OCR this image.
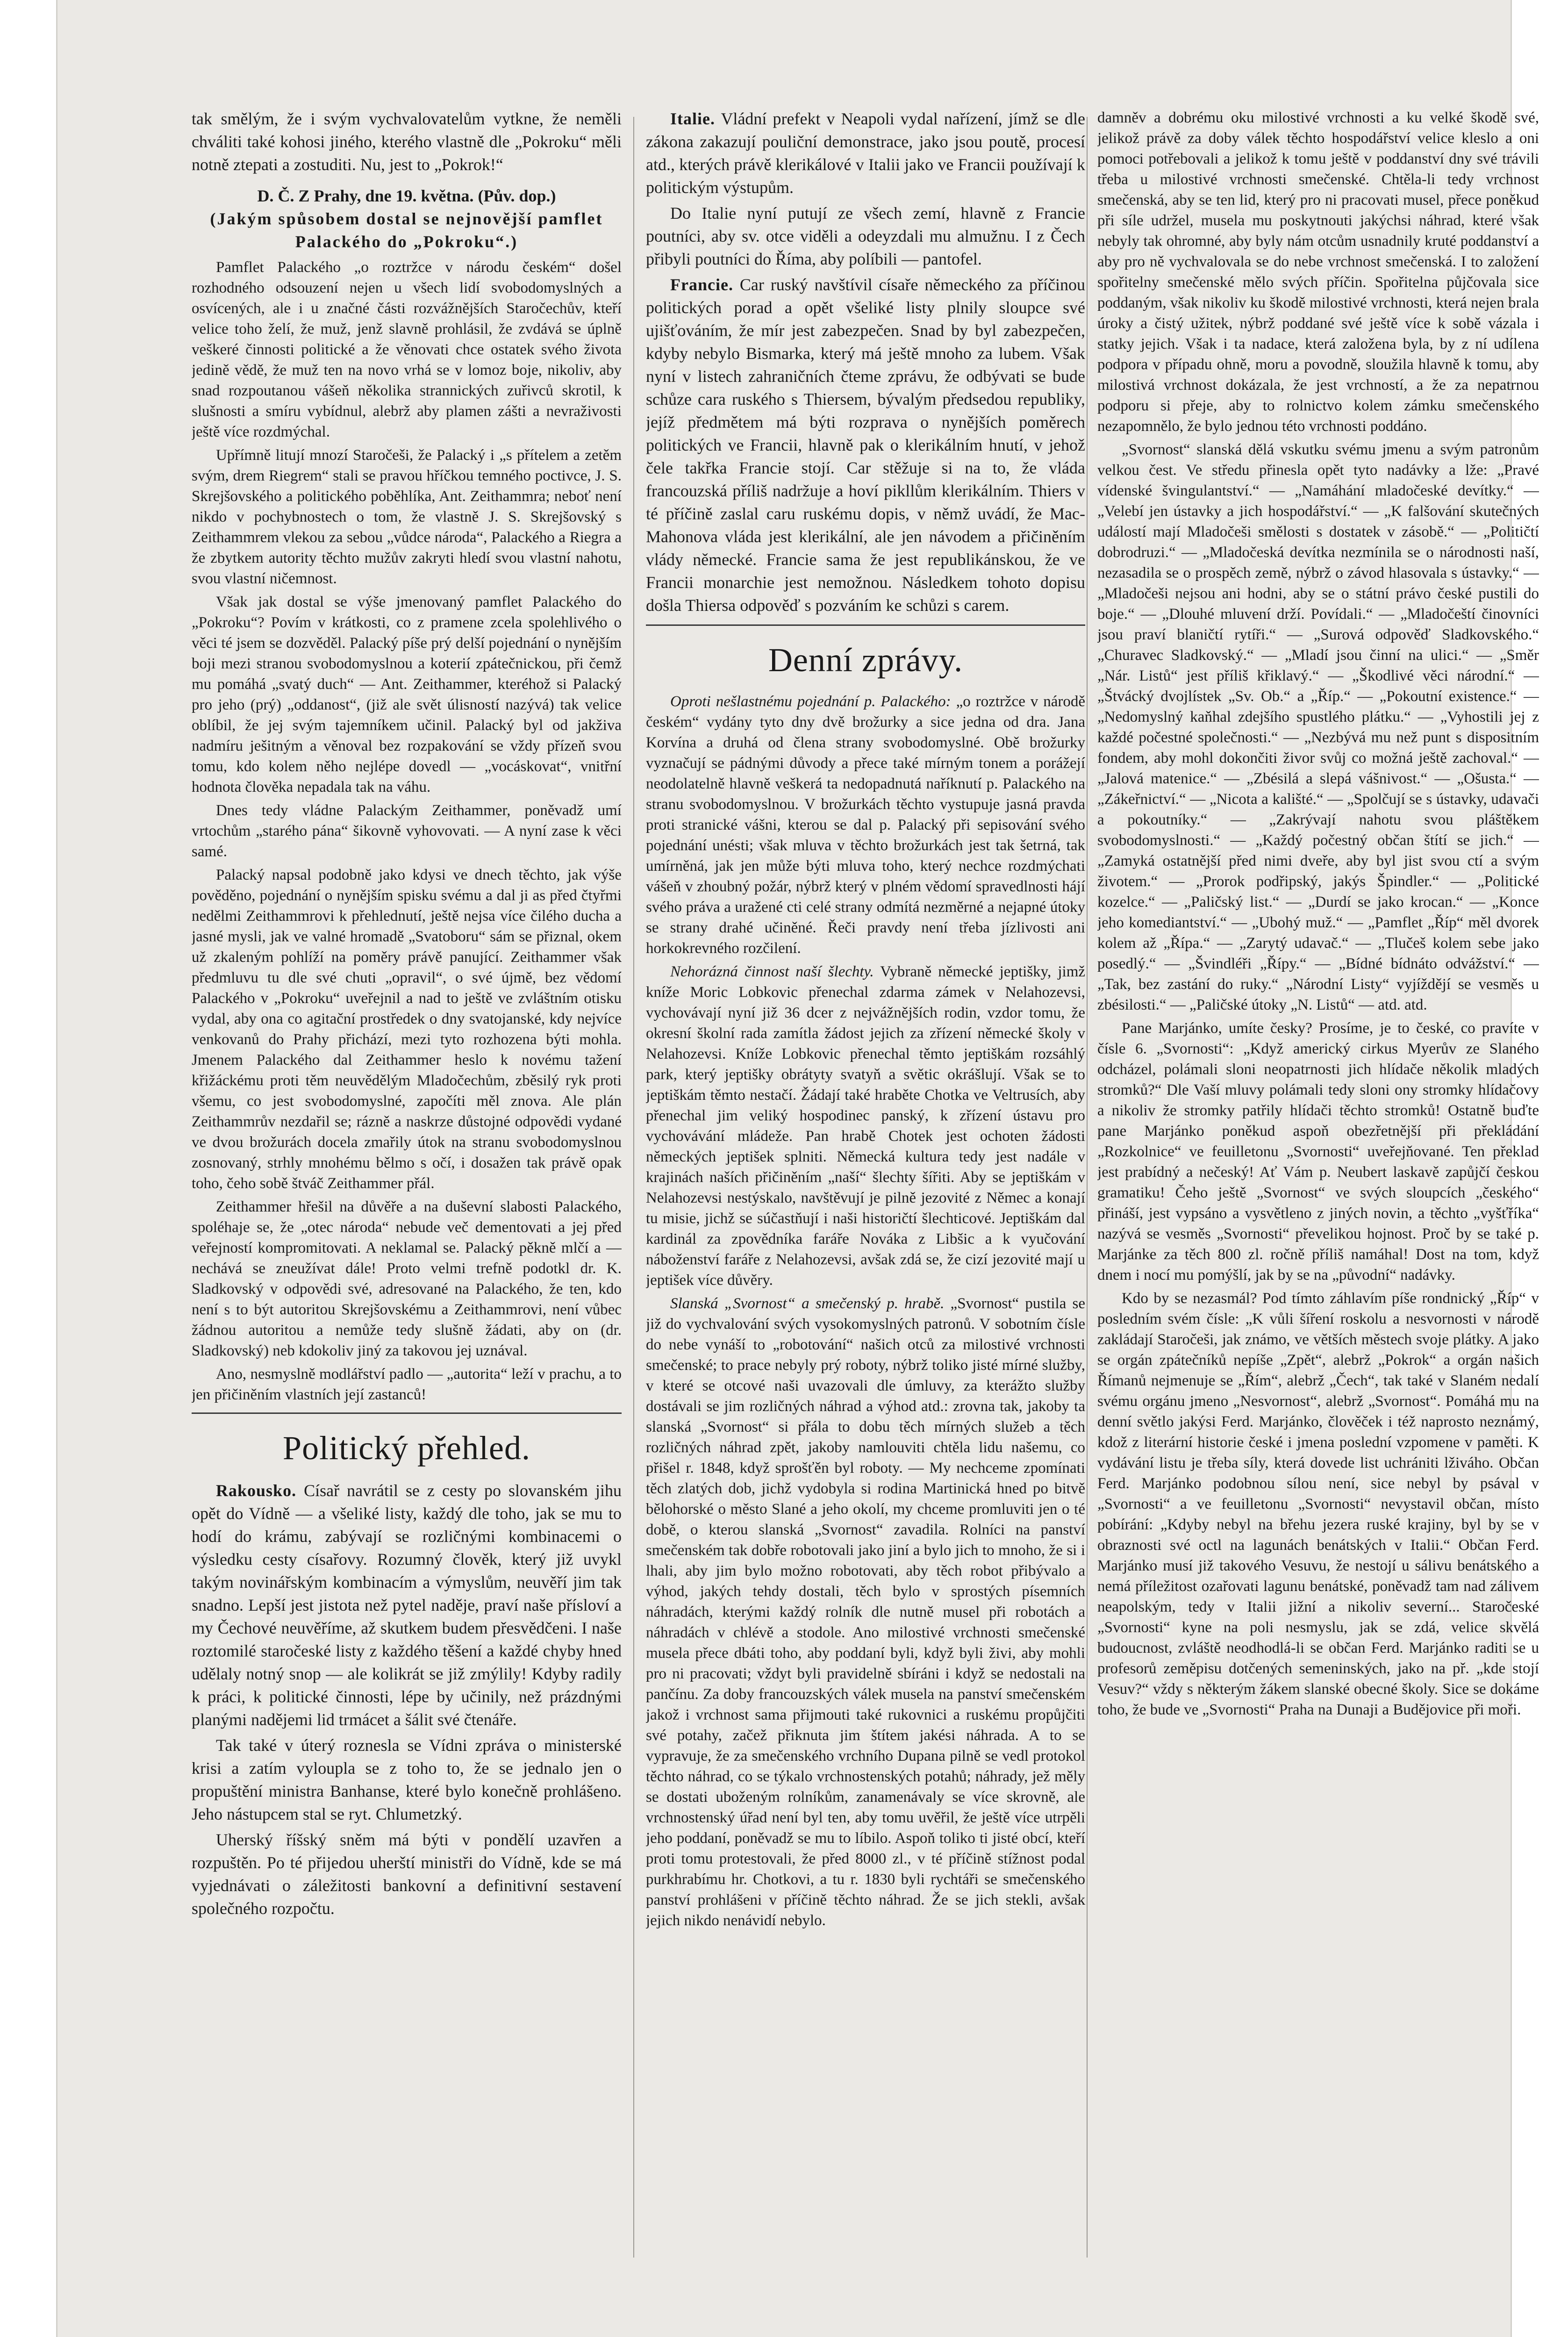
tak smělým, že i svým vychvalovatelům vytkne, že neměli chváliti také kohosi jiného, kterého vlastně dle „Pokroku“ měli notně ztepati a zostuditi. Nu, jest to „Pokrok!“

D. Č. Z Prahy, dne 19. května. (Pův. dop.)

(Jakým spůsobem dostal se nejnovější pamflet Palackého do „Pokroku“.)

Pamflet Palackého „o roztržce v národu českém“ došel rozhodného odsouzení nejen u všech lidí svobodomyslných a osvícených, ale i u značné části rozvážnějších Staročechův, kteří velice toho želí, že muž, jenž slavně prohlásil, že zvdává se úplně veškeré činnosti politické a že věnovati chce ostatek svého života jedině vědě, že muž ten na novo vrhá se v lomoz boje, nikoliv, aby snad rozpoutanou vášeň několika strannických zuřivců skrotil, k slušnosti a smíru vybídnul, alebrž aby plamen zášti a nevraživosti ještě více rozdmýchal.

Upřímně litují mnozí Staročeši, že Palacký i „s přítelem a zetěm svým, drem Riegrem“ stali se pravou hříčkou temného poctivce, J. S. Skrejšovského a politického poběhlíka, Ant. Zeithammra; neboť není nikdo v pochybnostech o tom, že vlastně J. S. Skrejšovský s Zeithammrem vlekou za sebou „vůdce národa“, Palackého a Riegra a že zbytkem autority těchto mužův zakryti hledí svou vlastní nahotu, svou vlastní ničemnost.

Však jak dostal se výše jmenovaný pamflet Palackého do „Pokroku“? Povím v krátkosti, co z pramene zcela spolehlivého o věci té jsem se dozvěděl. Palacký píše prý delší pojednání o nynějším boji mezi stranou svobodomyslnou a koterií zpátečnickou, při čemž mu pomáhá „svatý duch“ — Ant. Zeithammer, kteréhož si Palacký pro jeho (prý) „oddanost“, (již ale svět úlisností nazývá) tak velice oblíbil, že jej svým tajemníkem učinil. Palacký byl od jakživa nadmíru ješitným a věnoval bez rozpakování se vždy přízeň svou tomu, kdo kolem něho nejlépe dovedl — „vocáskovat“, vnitřní hodnota člověka nepadala tak na váhu.

Dnes tedy vládne Palackým Zeithammer, poněvadž umí vrtochům „starého pána“ šikovně vyhovovati. — A nyní zase k věci samé.

Palacký napsal podobně jako kdysi ve dnech těchto, jak výše pověděno, pojednání o nynějším spisku svému a dal ji as před čtyřmi nedělmi Zeithammrovi k přehlednutí, ještě nejsa více čilého ducha a jasné mysli, jak ve valné hromadě „Svatoboru“ sám se přiznal, okem už zkaleným pohlíží na poměry právě panující. Zeithammer však předmluvu tu dle své chuti „opravil“, o své újmě, bez vědomí Palackého v „Pokroku“ uveřejnil a nad to ještě ve zvláštním otisku vydal, aby ona co agitační prostředek o dny svatojanské, kdy nejvíce venkovanů do Prahy přichází, mezi tyto rozhozena býti mohla. Jmenem Palackého dal Zeithammer heslo k novému tažení křižáckému proti těm neuvědělým Mladočechům, zběsilý ryk proti všemu, co jest svobodomyslné, započíti měl znova. Ale plán Zeithammrův nezdařil se; rázně a naskrze důstojné odpovědi vydané ve dvou brožurách docela zmařily útok na stranu svobodomyslnou zosnovaný, strhly mnohému bělmo s očí, i dosažen tak právě opak toho, čeho sobě štváč Zeithammer přál.

Zeithammer hřešil na důvěře a na duševní slabosti Palackého, spoléhaje se, že „otec národa“ nebude več dementovati a jej před veřejností kompromitovati. A neklamal se. Palacký pěkně mlčí a — nechává se zneužívat dále! Proto velmi trefně podotkl dr. K. Sladkovský v odpovědi své, adresované na Palackého, že ten, kdo není s to být autoritou Skrejšovskému a Zeithammrovi, není vůbec žádnou autoritou a nemůže tedy slušně žádati, aby on (dr. Sladkovský) neb kdokoliv jiný za takovou jej uznával.

Ano, nesmyslně modlářství padlo — „autorita“ leží v prachu, a to jen přičiněním vlastních její zastanců!

Politický přehled.

Rakousko. Císař navrátil se z cesty po slovanském jihu opět do Vídně — a všeliké listy, každý dle toho, jak se mu to hodí do krámu, zabývají se rozličnými kombinacemi o výsledku cesty císařovy. Rozumný člověk, který již uvykl takým novinářským kombinacím a výmyslům, neuvěří jim tak snadno. Lepší jest jistota než pytel naděje, praví naše přísloví a my Čechové neuvěříme, až skutkem budem přesvědčeni. I naše roztomilé staročeské listy z každého těšení a každé chyby hned udělaly notný snop — ale kolikrát se již zmýlily! Kdyby radily k práci, k politické činnosti, lépe by učinily, než prázdnými planými nadějemi lid trmácet a šálit své čtenáře.

Tak také v úterý roznesla se Vídni zpráva o ministerské krisi a zatím vyloupla se z toho to, že se jednalo jen o propuštění ministra Banhanse, které bylo konečně prohlášeno. Jeho nástupcem stal se ryt. Chlumetzký.

Uherský říšský sněm má býti v pondělí uzavřen a rozpuštěn. Po té přijedou uherští ministři do Vídně, kde se má vyjednávati o záležitosti bankovní a definitivní sestavení společného rozpočtu.

Italie. Vládní prefekt v Neapoli vydal nařízení, jímž se dle zákona zakazují pouliční demonstrace, jako jsou poutě, procesí atd., kterých právě klerikálové v Italii jako ve Francii používají k politickým výstupům.

Do Italie nyní putují ze všech zemí, hlavně z Francie poutníci, aby sv. otce viděli a odeyzdali mu almužnu. I z Čech přibyli poutníci do Říma, aby políbili — pantofel.

Francie. Car ruský navštívil císaře německého za příčinou politických porad a opět všeliké listy plnily sloupce své ujišťováním, že mír jest zabezpečen. Snad by byl zabezpečen, kdyby nebylo Bismarka, který má ještě mnoho za lubem. Však nyní v listech zahraničních čteme zprávu, že odbývati se bude schůze cara ruského s Thiersem, bývalým předsedou republiky, jejíž předmětem má býti rozprava o nynějších poměrech politických ve Francii, hlavně pak o klerikálním hnutí, v jehož čele takřka Francie stojí. Car stěžuje si na to, že vláda francouzská příliš nadržuje a hoví pikllům klerikálním. Thiers v té příčině zaslal caru ruskému dopis, v němž uvádí, že Mac-Mahonova vláda jest klerikální, ale jen návodem a přičiněním vlády německé. Francie sama že jest republikánskou, že ve Francii monarchie jest nemožnou. Následkem tohoto dopisu došla Thiersa odpověď s pozváním ke schůzi s carem.

Denní zprávy.

Oproti nešlastnému pojednání p. Palackého: „o roztržce v národě českém“ vydány tyto dny dvě brožurky a sice jedna od dra. Jana Korvína a druhá od člena strany svobodomyslné. Obě brožurky vyznačují se pádnými důvody a přece také mírným tonem a porážejí neodolatelně hlavně veškerá ta nedopadnutá naříknutí p. Palackého na stranu svobodomyslnou. V brožurkách těchto vystupuje jasná pravda proti stranické vášni, kterou se dal p. Palacký při sepisování svého pojednání unésti; však mluva v těchto brožurkách jest tak šetrná, tak umírněná, jak jen může býti mluva toho, který nechce rozdmýchati vášeň v zhoubný požár, nýbrž který v plném vědomí spravedlnosti hájí svého práva a uražené cti celé strany odmítá nezměrné a nejapné útoky se strany drahé učiněné. Řeči pravdy není třeba jízlivosti ani horkokrevného rozčilení.

Nehorázná činnost naší šlechty. Vybraně německé jeptišky, jimž kníže Moric Lobkovic přenechal zdarma zámek v Nelahozevsi, vychovávají nyní již 36 dcer z nejvážnějších rodin, vzdor tomu, že okresní školní rada zamítla žádost jejich za zřízení německé školy v Nelahozevsi. Kníže Lobkovic přenechal těmto jeptiškám rozsáhlý park, který jeptišky obrátyty svatyň a světic okrášlují. Však se to jeptiškám těmto nestačí. Žádají také hraběte Chotka ve Veltrusích, aby přenechal jim veliký hospodinec panský, k zřízení ústavu pro vychovávání mládeže. Pan hrabě Chotek jest ochoten žádosti německých jeptišek splniti. Německá kultura tedy jest nadále v krajinách naších přičiněním „naší“ šlechty šířiti. Aby se jeptiškám v Nelahozevsi nestýskalo, navštěvují je pilně jezovité z Němec a konají tu misie, jichž se súčastňují i naši historičtí šlechticové. Jeptiškám dal kardinál za zpovědníka faráře Nováka z Libšic a k vyučování náboženství faráře z Nelahozevsi, avšak zdá se, že cizí jezovité mají u jeptišek více důvěry.

Slanská „Svornost“ a smečenský p. hrabě. „Svornost“ pustila se již do vychvalování svých vysokomyslných patronů. V sobotním čísle do nebe vynáší to „robotování“ našich otců za milostivé vrchnosti smečenské; to prace nebyly prý roboty, nýbrž toliko jisté mírné služby, v které se otcové naši uvazovali dle úmluvy, za kterážto služby dostávali se jim rozličných náhrad a výhod atd.: zrovna tak, jakoby ta slanská „Svornost“ si přála to dobu těch mírných služeb a těch rozličných náhrad zpět, jakoby namlouviti chtěla lidu našemu, co přišel r. 1848, když sprošťěn byl roboty. — My nechceme zpomínati těch zlatých dob, jichž vydobyla si rodina Martinická hned po bitvě bělohorské o město Slané a jeho okolí, my chceme promluviti jen o té době, o kterou slanská „Svornost“ zavadila. Rolníci na panství smečenském tak dobře robotovali jako jiní a bylo jich to mnoho, že si i lhali, aby jim bylo možno robotovati, aby těch robot přibývalo a výhod, jakých tehdy dostali, těch bylo v sprostých písemních náhradách, kterými každý rolník dle nutně musel při robotách a náhradách v chlévě a stodole. Ano milostivé vrchnosti smečenské musela přece dbáti toho, aby poddaní byli, když byli živi, aby mohli pro ni pracovati; vždyt byli pravidelně sbíráni i když se nedostali na pančínu. Za doby francouzských válek musela na panství smečenském jakož i vrchnost sama přijmouti také rukovnici a ruskému propůjčiti své potahy, začež přiknuta jim štítem jakési náhrada. A to se vypravuje, že za smečenského vrchního Dupana pilně se vedl protokol těchto náhrad, co se týkalo vrchnostenských potahů; náhrady, jež měly se dostati uboženým rolníkům, zanamenávaly se více skrovně, ale vrchnostenský úřad není byl ten, aby tomu uvěřil, že ještě více utrpěli jeho poddaní, poněvadž se mu to líbilo. Aspoň toliko ti jisté obcí, kteří proti tomu protestovali, že před 8000 zl., v té příčině stížnost podal purkhrabímu hr. Chotkovi, a tu r. 1830 byli rychtáři se smečenského panství prohlášeni v příčině těchto náhrad. Že se jich stekli, avšak jejich nikdo nenávidí nebylo.

damněv a dobrému oku milostivé vrchnosti a ku velké škodě své, jelikož právě za doby válek těchto hospodářství velice kleslo a oni pomoci potřebovali a jelikož k tomu ještě v poddanství dny své trávili třeba u milostivé vrchnosti smečenské. Chtěla-li tedy vrchnost smečenská, aby se ten lid, který pro ni pracovati musel, přece poněkud při síle udržel, musela mu poskytnouti jakýchsi náhrad, které však nebyly tak ohromné, aby byly nám otcům usnadnily kruté poddanství a aby pro ně vychvalovala se do nebe vrchnost smečenská. I to založení spořitelny smečenské mělo svých příčin. Spořitelna půjčovala sice poddaným, však nikoliv ku škodě milostivé vrchnosti, která nejen brala úroky a čistý užitek, nýbrž poddané své ještě více k sobě vázala i statky jejich. Však i ta nadace, která založena byla, by z ní udílena podpora v případu ohně, moru a povodně, sloužila hlavně k tomu, aby milostivá vrchnost dokázala, že jest vrchností, a že za nepatrnou podporu si přeje, aby to rolnictvo kolem zámku smečenského nezapomnělo, že bylo jednou této vrchnosti poddáno.

„Svornost“ slanská dělá vskutku svému jmenu a svým patronům velkou čest. Ve středu přinesla opět tyto nadávky a lže: „Pravé vídenské švingulantství.“ — „Namáhání mladočeské devítky.“ — „Velebí jen ústavky a jich hospodářství.“ — „K falšování skutečných událostí mají Mladočeši smělosti s dostatek v zásobě.“ — „Političtí dobrodruzi.“ — „Mladočeská devítka nezmínila se o národnosti naší, nezasadila se o prospěch země, nýbrž o závod hlasovala s ústavky.“ — „Mladočeši nejsou ani hodni, aby se o státní právo české pustili do boje.“ — „Dlouhé mluvení drží. Povídali.“ — „Mladočeští činovníci jsou praví blaničtí rytíři.“ — „Surová odpověď Sladkovského.“ „Churavec Sladkovský.“ — „Mladí jsou činní na ulici.“ — „Směr „Nár. Listů“ jest příliš křiklavý.“ — „Škodlivé věci národní.“ — „Štvácký dvojlístek „Sv. Ob.“ a „Říp.“ — „Pokoutní existence.“ — „Nedomyslný kaňhal zdejšího spustlého plátku.“ — „Vyhostili jej z každé počestné společnosti.“ — „Nezbývá mu než punt s dispositním fondem, aby mohl dokončiti živor svůj co možná ještě zachoval.“ — „Jalová matenice.“ — „Zbésilá a slepá vášnivost.“ — „Ošusta.“ — „Zákeřnictví.“ — „Nicota a kališté.“ — „Spolčují se s ústavky, udavači a pokoutníky.“ — „Zakrývají nahotu svou pláštěkem svobodomyslnosti.“ — „Každý počestný občan štítí se jich.“ — „Zamyká ostatnější před nimi dveře, aby byl jist svou ctí a svým životem.“ — „Prorok podřipský, jakýs Špindler.“ — „Politické kozelce.“ — „Paličský list.“ — „Durdí se jako krocan.“ — „Konce jeho komediantství.“ — „Ubohý muž.“ — „Pamflet „Říp“ měl dvorek kolem až „Řípa.“ — „Zarytý udavač.“ — „Tlučeš kolem sebe jako posedlý.“ — „Švindléři „Řípy.“ — „Bídné bídnáto odvážství.“ — „Tak, bez zastání do ruky.“ „Národní Listy“ vyjíždějí se vesměs u zbésilosti.“ — „Paličské útoky „N. Listů“ — atd. atd.

Pane Marjánko, umíte česky? Prosíme, je to české, co pravíte v čísle 6. „Svornosti“: „Když americký cirkus Myerův ze Slaného odcházel, polámali sloni neopatrnosti jich hlídače několik mladých stromků?“ Dle Vaší mluvy polámali tedy sloni ony stromky hlídačovy a nikoliv že stromky patřily hlídači těchto stromků! Ostatně buďte pane Marjánko poněkud aspoň obezřetnější při překládání „Rozkolnice“ ve feuilletonu „Svornosti“ uveřejňované. Ten překlad jest prabídný a nečeský! Ať Vám p. Neubert laskavě zapůjčí českou gramatiku! Čeho ještě „Svornost“ ve svých sloupcích „českého“ přináší, jest vypsáno a vysvětleno z jiných novin, a těchto „vyšťříka“ nazývá se vesměs „Svornosti“ převelikou hojnost. Proč by se také p. Marjánke za těch 800 zl. ročně příliš namáhal! Dost na tom, když dnem i nocí mu pomýšlí, jak by se na „původní“ nadávky.

Kdo by se nezasmál? Pod tímto záhlavím píše rondnický „Říp“ v posledním svém čísle: „K vůli šíření roskolu a nesvornosti v národě zakládají Staročeši, jak známo, ve větších městech svoje plátky. A jako se orgán zpátečníků nepíše „Zpět“, alebrž „Pokrok“ a orgán našich Římanů nejmenuje se „Řím“, alebrž „Čech“, tak také v Slaném nedalí svému orgánu jmeno „Nesvornost“, alebrž „Svornost“. Pomáhá mu na denní světlo jakýsi Ferd. Marjánko, člověček i též naprosto neznámý, kdož z literární historie české i jmena poslední vzpomene v paměti. K vydávání listu je třeba síly, která dovede list uchrániti lživáho. Občan Ferd. Marjánko podobnou sílou není, sice nebyl by psával v „Svornosti“ a ve feuilletonu „Svornosti“ nevystavil občan, místo pobírání: „Kdyby nebyl na břehu jezera ruské krajiny, byl by se v obraznosti své octl na lagunách benátských v Italii.“ Občan Ferd. Marjánko musí již takového Vesuvu, že nestojí u sálivu benátského a nemá příležitost ozařovati lagunu benátské, poněvadž tam nad zálivem neapolským, tedy v Italii jižní a nikoliv severní... Staročeské „Svornosti“ kyne na poli nesmyslu, jak se zdá, velice skvělá budoucnost, zvláště neodhodlá-li se občan Ferd. Marjánko raditi se u profesorů zeměpisu dotčených semeninských, jako na př. „kde stojí Vesuv?“ vždy s některým žákem slanské obecné školy. Sice se dokáme toho, že bude ve „Svornosti“ Praha na Dunaji a Budějovice při moři.
